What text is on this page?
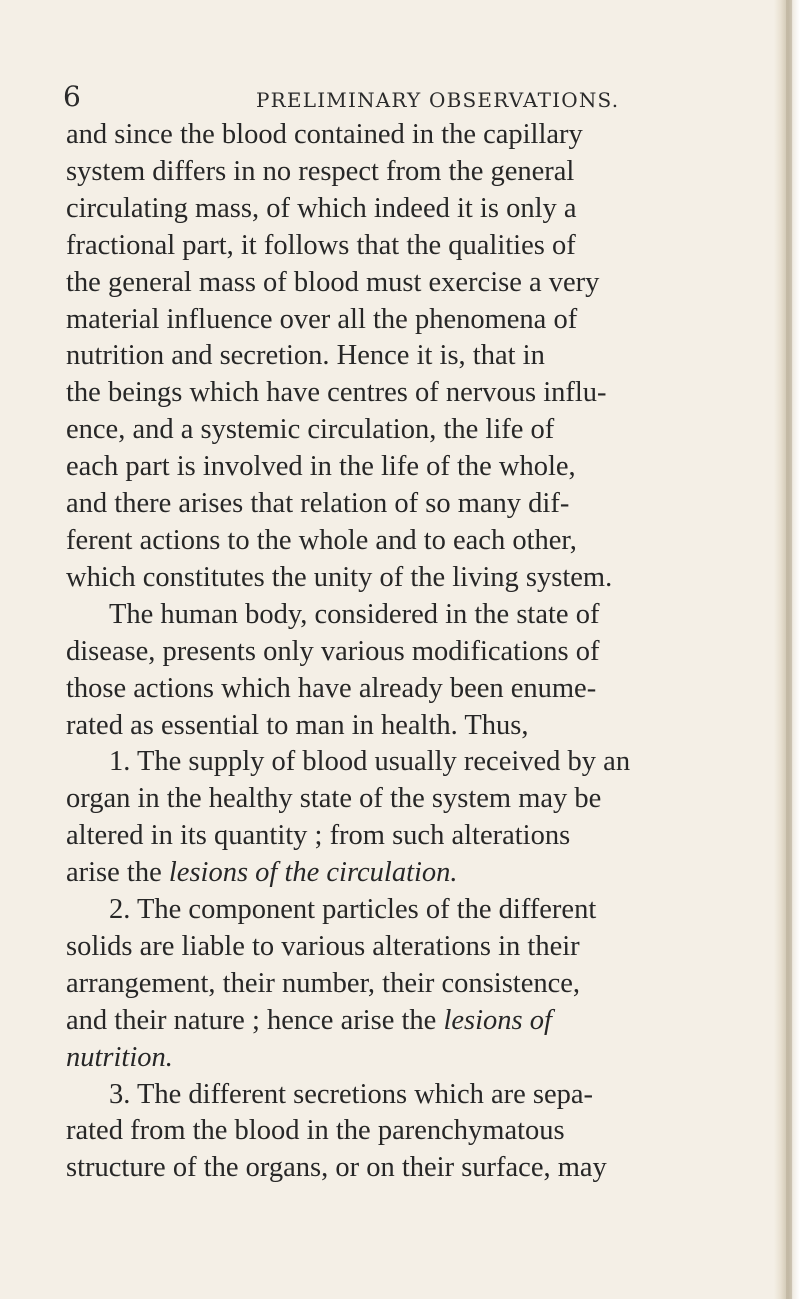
6	PRELIMINARY OBSERVATIONS.
and since the blood contained in the capillary
system differs in no respect from the general
circulating mass, of which indeed it is only a
fractional part, it follows that the qualities of
the general mass of blood must exercise a very
material influence over all the phenomena of
nutrition and secretion. Hence it is, that in
the beings which have centres of nervous influ-
ence, and a systemic circulation, the life of
each part is involved in the life of the whole,
and there arises that relation of so many dif-
ferent actions to the whole and to each other,
which constitutes the unity of the living system.
The human body, considered in the state of
disease, presents only various modifications of
those actions which have already been enume-
rated as essential to man in health. Thus,
1. The supply of blood usually received by an
organ in the healthy state of the system may be
altered in its quantity ; from such alterations
arise the lesions of the circulation.
2. The component particles of the different
solids are liable to various alterations in their
arrangement, their number, their consistence,
and their nature ; hence arise the lesions of
nutrition.
3. The different secretions which are sepa-
rated from the blood in the parenchymatous
structure of the organs, or on their surface, may
